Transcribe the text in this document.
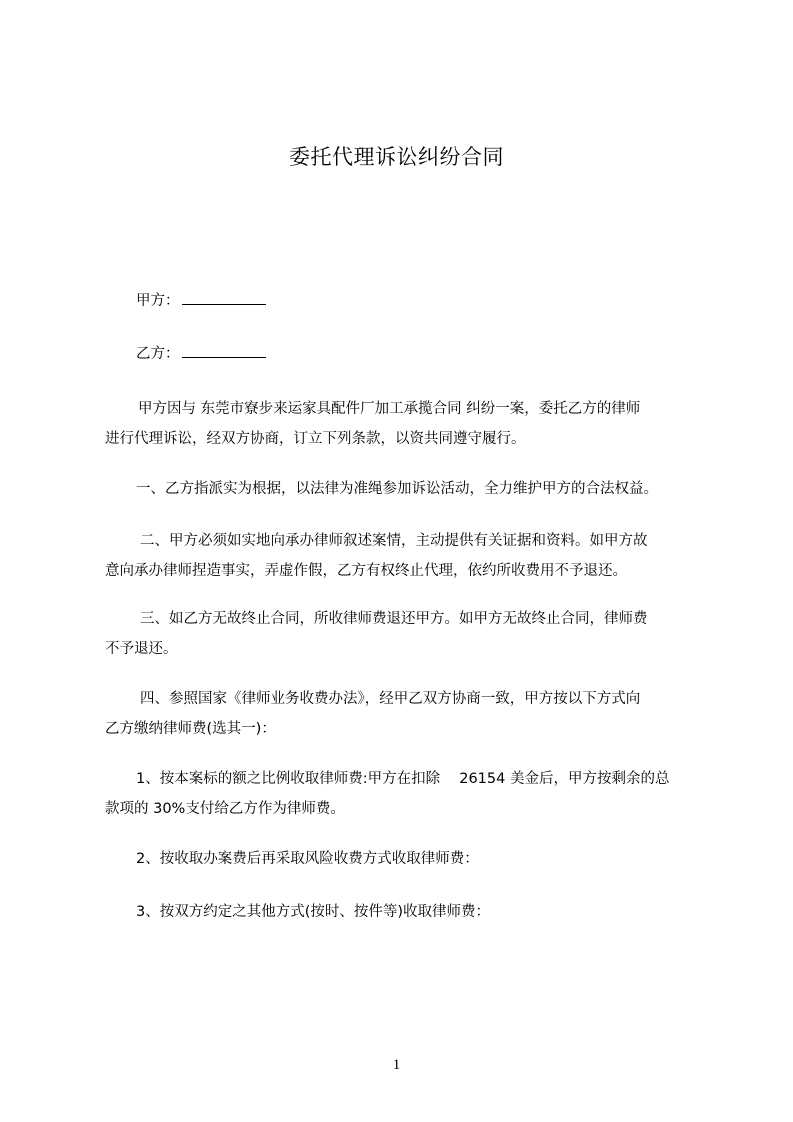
委托代理诉讼纠纷合同
甲方：
乙方：
甲方因与 东莞市寮步来运家具配件厂加工承揽合同 纠纷一案，委托乙方的律师
进行代理诉讼，经双方协商，订立下列条款，以资共同遵守履行。
一、乙方指派实为根据，以法律为准绳参加诉讼活动，全力维护甲方的合法权益。
二、甲方必须如实地向承办律师叙述案情，主动提供有关证据和资料。如甲方故
意向承办律师捏造事实，弄虚作假，乙方有权终止代理，依约所收费用不予退还。
三、如乙方无故终止合同，所收律师费退还甲方。如甲方无故终止合同，律师费
不予退还。
四、参照国家《律师业务收费办法》，经甲乙双方协商一致，甲方按以下方式向
乙方缴纳律师费(选其一)：
1、按本案标的额之比例收取律师费:甲方在扣除　 26154 美金后，甲方按剩余的总
款项的 30%支付给乙方作为律师费。
2、按收取办案费后再采取风险收费方式收取律师费：
3、按双方约定之其他方式(按时、按件等)收取律师费：
1
